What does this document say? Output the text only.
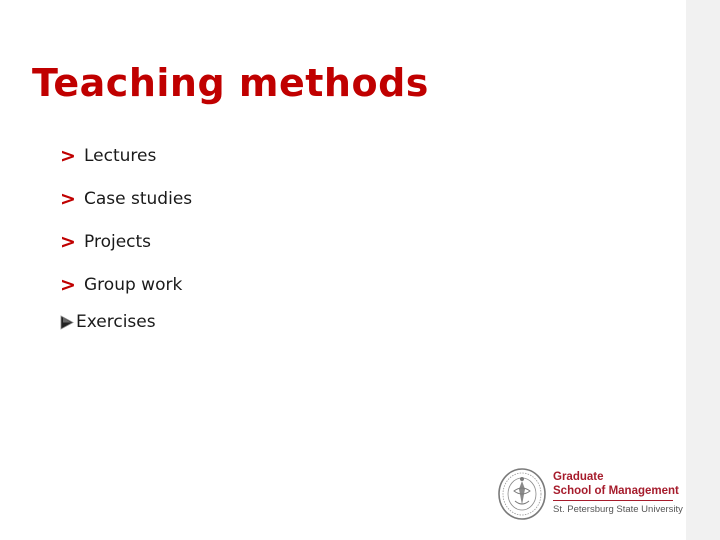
Teaching methods
> Lectures
> Case studies
> Projects
> Group work
Exercises
Graduate
School of Management
St. Petersburg State University
